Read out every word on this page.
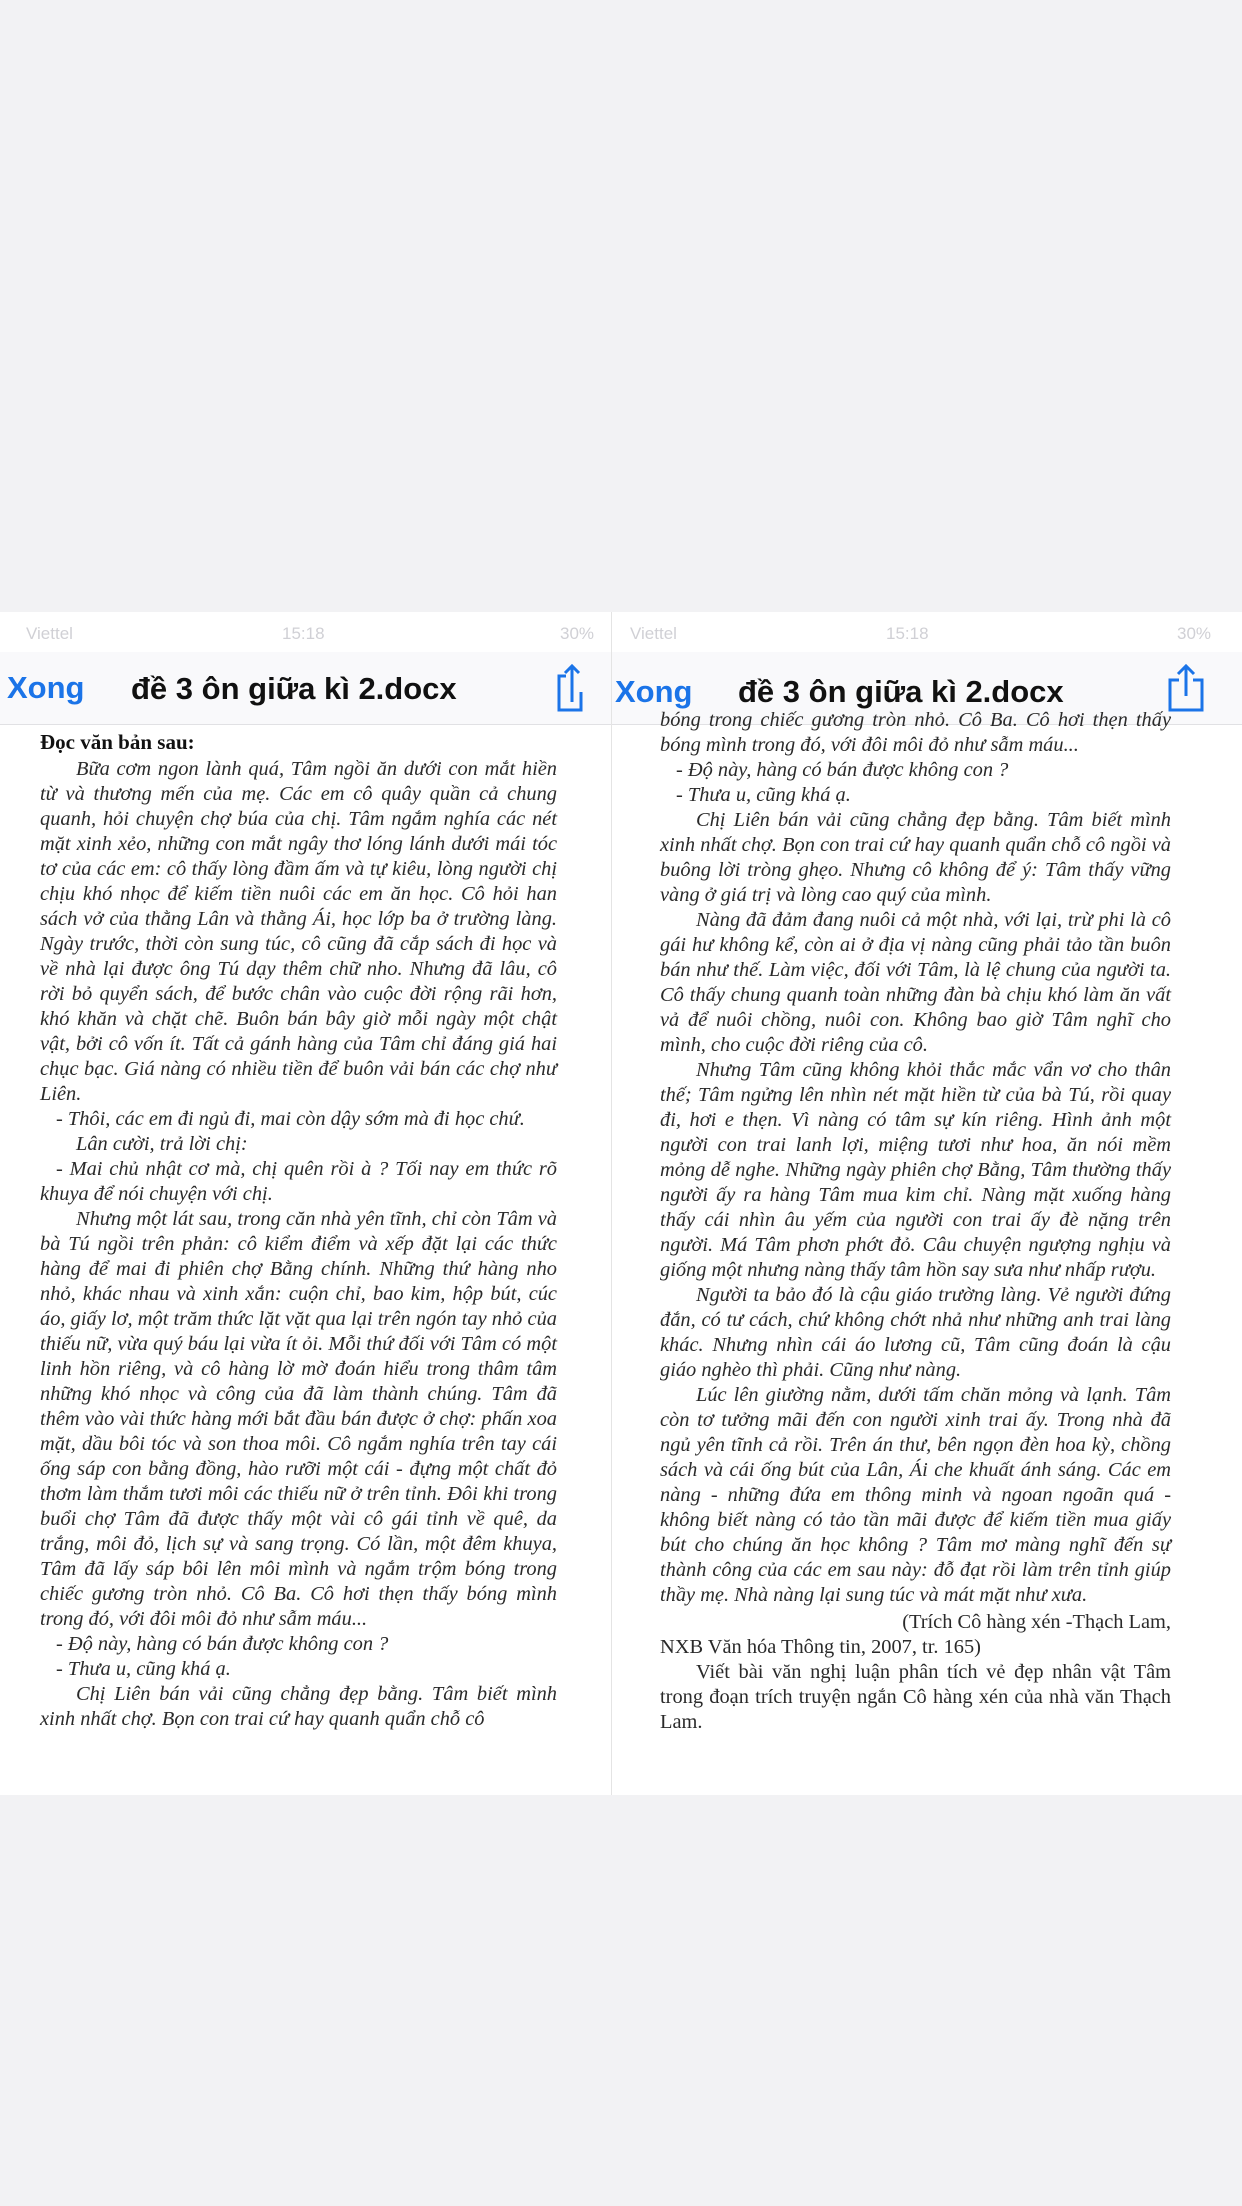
Viettel	15:18	30%
Xong đề 3 ôn giữa kì 2.docx

Đọc văn bản sau:

Bữa cơm ngon lành quá, Tâm ngồi ăn dưới con mắt hiền từ và thương mến của mẹ. Các em cô quây quần cả chung quanh, hỏi chuyện chợ búa của chị. Tâm ngắm nghía các nét mặt xinh xẻo, những con mắt ngây thơ lóng lánh dưới mái tóc tơ của các em: cô thấy lòng đầm ấm và tự kiêu, lòng người chị chịu khó nhọc để kiếm tiền nuôi các em ăn học. Cô hỏi han sách vở của thằng Lân và thằng Ái, học lớp ba ở trường làng. Ngày trước, thời còn sung túc, cô cũng đã cắp sách đi học và về nhà lại được ông Tú dạy thêm chữ nho. Nhưng đã lâu, cô rời bỏ quyển sách, để bước chân vào cuộc đời rộng rãi hơn, khó khăn và chặt chẽ. Buôn bán bây giờ mỗi ngày một chật vật, bởi cô vốn ít. Tất cả gánh hàng của Tâm chỉ đáng giá hai chục bạc. Giá nàng có nhiều tiền để buôn vải bán các chợ như Liên.

- Thôi, các em đi ngủ đi, mai còn dậy sớm mà đi học chứ.

Lân cười, trả lời chị:

- Mai chủ nhật cơ mà, chị quên rồi à ? Tối nay em thức rõ khuya để nói chuyện với chị.

Nhưng một lát sau, trong căn nhà yên tĩnh, chỉ còn Tâm và bà Tú ngồi trên phản: cô kiểm điểm và xếp đặt lại các thức hàng để mai đi phiên chợ Bằng chính. Những thứ hàng nho nhỏ, khác nhau và xinh xắn: cuộn chỉ, bao kim, hộp bút, cúc áo, giấy lơ, một trăm thức lặt vặt qua lại trên ngón tay nhỏ của thiếu nữ, vừa quý báu lại vừa ít ỏi. Mỗi thứ đối với Tâm có một linh hồn riêng, và cô hàng lờ mờ đoán hiểu trong thâm tâm những khó nhọc và công của đã làm thành chúng. Tâm đã thêm vào vài thức hàng mới bắt đầu bán được ở chợ: phấn xoa mặt, dầu bôi tóc và son thoa môi. Cô ngắm nghía trên tay cái ống sáp con bằng đồng, hào rưỡi một cái - đựng một chất đỏ thơm làm thắm tươi môi các thiếu nữ ở trên tỉnh. Đôi khi trong buổi chợ Tâm đã được thấy một vài cô gái tỉnh về quê, da trắng, môi đỏ, lịch sự và sang trọng. Có lần, một đêm khuya, Tâm đã lấy sáp bôi lên môi mình và ngắm trộm bóng trong chiếc gương tròn nhỏ. Cô Ba. Cô hơi thẹn thấy bóng mình trong đó, với đôi môi đỏ như sẫm máu...

- Độ này, hàng có bán được không con ?

- Thưa u, cũng khá ạ.

Chị Liên bán vải cũng chẳng đẹp bằng. Tâm biết mình xinh nhất chợ. Bọn con trai cứ hay quanh quẩn chỗ cô

Viettel	15:18	30%
Xong đề 3 ôn giữa kì 2.docx

bóng trong chiếc gương tròn nhỏ. Cô Ba. Cô hơi thẹn thấy bóng mình trong đó, với đôi môi đỏ như sẫm máu...

- Độ này, hàng có bán được không con ?

- Thưa u, cũng khá ạ.

Chị Liên bán vải cũng chẳng đẹp bằng. Tâm biết mình xinh nhất chợ. Bọn con trai cứ hay quanh quẩn chỗ cô ngồi và buông lời tròng ghẹo. Nhưng cô không để ý: Tâm thấy vững vàng ở giá trị và lòng cao quý của mình.

Nàng đã đảm đang nuôi cả một nhà, với lại, trừ phi là cô gái hư không kể, còn ai ở địa vị nàng cũng phải tảo tần buôn bán như thế. Làm việc, đối với Tâm, là lệ chung của người ta. Cô thấy chung quanh toàn những đàn bà chịu khó làm ăn vất vả để nuôi chồng, nuôi con. Không bao giờ Tâm nghĩ cho mình, cho cuộc đời riêng của cô.

Nhưng Tâm cũng không khỏi thắc mắc vẩn vơ cho thân thế; Tâm ngửng lên nhìn nét mặt hiền từ của bà Tú, rồi quay đi, hơi e thẹn. Vì nàng có tâm sự kín riêng. Hình ảnh một người con trai lanh lợi, miệng tươi như hoa, ăn nói mềm mỏng dễ nghe. Những ngày phiên chợ Bằng, Tâm thường thấy người ấy ra hàng Tâm mua kim chỉ. Nàng mặt xuống hàng thấy cái nhìn âu yếm của người con trai ấy đè nặng trên người. Má Tâm phơn phớt đỏ. Câu chuyện ngượng nghịu và giống một nhưng nàng thấy tâm hồn say sưa như nhấp rượu.

Người ta bảo đó là cậu giáo trường làng. Vẻ người đứng đắn, có tư cách, chứ không chớt nhả như những anh trai làng khác. Nhưng nhìn cái áo lương cũ, Tâm cũng đoán là cậu giáo nghèo thì phải. Cũng như nàng.

Lúc lên giường nằm, dưới tấm chăn mỏng và lạnh. Tâm còn tơ tưởng mãi đến con người xinh trai ấy. Trong nhà đã ngủ yên tĩnh cả rồi. Trên án thư, bên ngọn đèn hoa kỳ, chồng sách và cái ống bút của Lân, Ái che khuất ánh sáng. Các em nàng - những đứa em thông minh và ngoan ngoãn quá - không biết nàng có tảo tần mãi được để kiếm tiền mua giấy bút cho chúng ăn học không ? Tâm mơ màng nghĩ đến sự thành công của các em sau này: đỗ đạt rồi làm trên tỉnh giúp thầy mẹ. Nhà nàng lại sung túc và mát mặt như xưa.

(Trích Cô hàng xén -Thạch Lam,

NXB Văn hóa Thông tin, 2007, tr. 165)

Viết bài văn nghị luận phân tích vẻ đẹp nhân vật Tâm trong đoạn trích truyện ngắn Cô hàng xén của nhà văn Thạch Lam.
